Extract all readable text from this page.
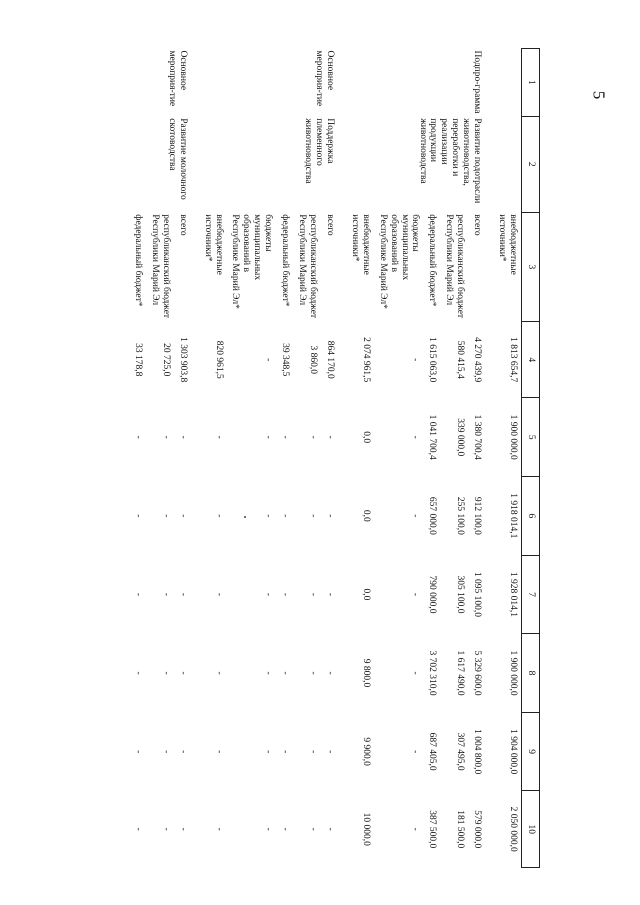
5
1	2	3	4	5	6	7	8	9	10
		внебюджетные источники*	1 813 654,7	1 900 000,0	1 918 014,1	1 928 014,1	1 900 000,0	1 904 000,0	2 050 000,0
Подпро-грамма	Развитие подотрасли животноводства, переработки и реализации продукции животноводства	всего	4 270 439,9	1 380 700,4	912 100,0	1 095 100,0	5 329 600,0	1 004 800,0	579 000,0
		республиканский бюджет Республики Марий Эл	580 415,4	339 000,0	255 100,0	305 100,0	1 617 490,0	307 495,0	181 500,0
		федеральный бюджет*	1 615 063,0	1 041 700,4	657 000,0	790 000,0	3 702 310,0	687 405,0	387 500,0
		бюджеты муниципальных образований в Республике Марий Эл*	-	-	-	-	-	-	-
		внебюджетные источники*	2 074 961,5	0,0	0,0	0,0	9 800,0	9 900,0	10 000,0
Основное мероприя-тие	Поддержка племенного животноводства	всего	864 170,0	-	-	-	-	-	-
		республиканский бюджет Республики Марий Эл	3 860,0	-	-	-	-	-	-
		федеральный бюджет*	39 348,5	-	-	-	-	-	-
		бюджеты муниципальных образований в Республике Марий Эл*	-	-	-	-	-	-	-
		внебюджетные источники*	820 961,5	-	-	-	-	-	-
Основное мероприя-тие	Развитие молочного скотоводства	всего	1 303 903,8	-	-	-	-	-	-
		республиканский бюджет Республики Марий Эл	20 725,0	-	-	-	-	-	-
		федеральный бюджет*	33 178,8	-	-	-	-	-	-
